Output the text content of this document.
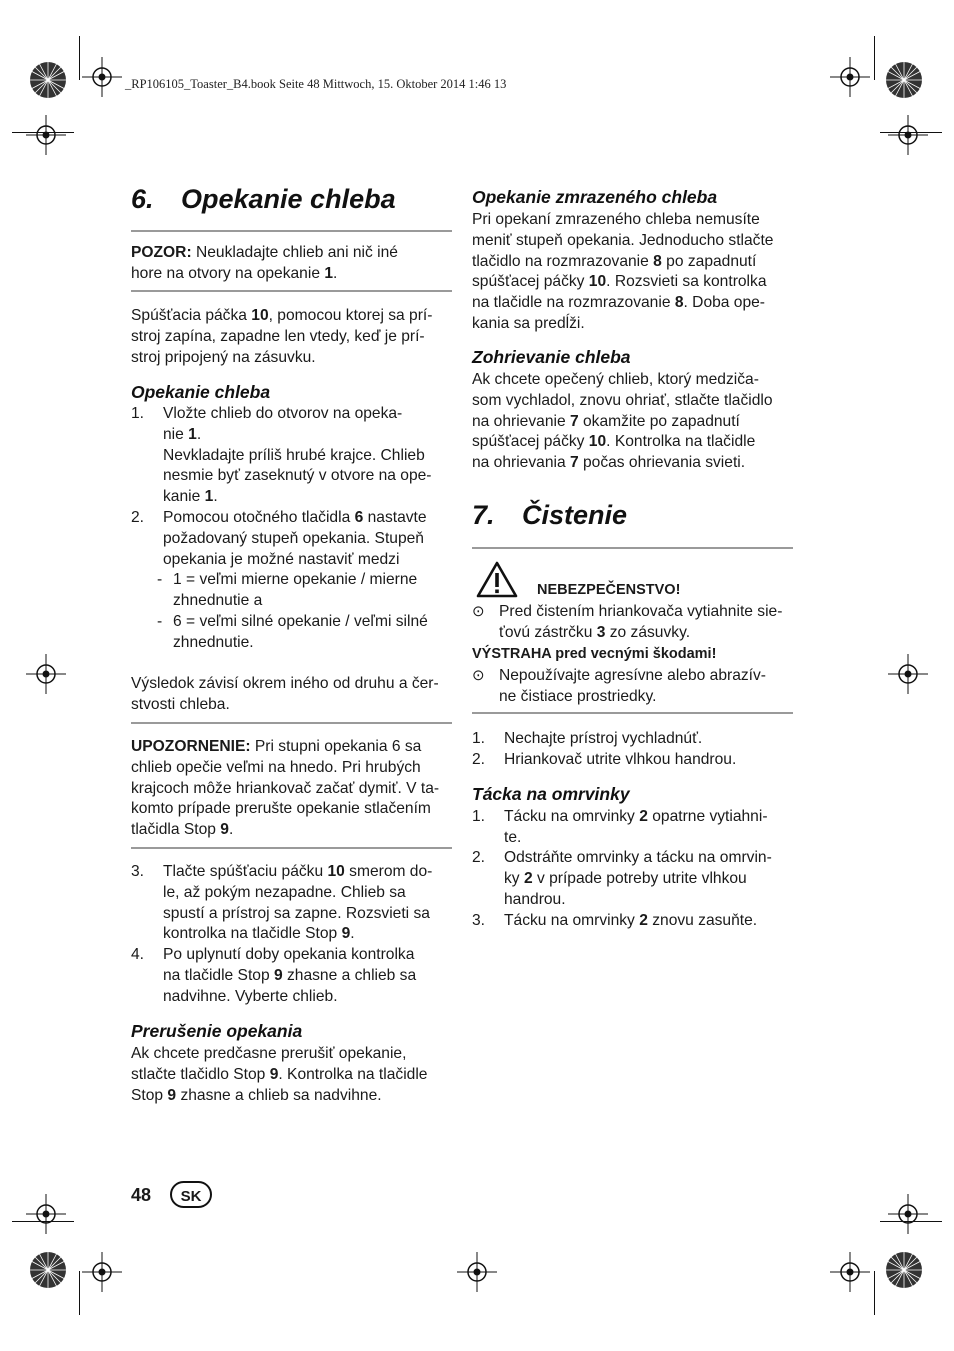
_RP106105_Toaster_B4.book Seite 48 Mittwoch, 15. Oktober 2014 1:46 13
6. Opekanie chleba
POZOR: Neukladajte chlieb ani nič iné
hore na otvory na opekanie 1.
Spúšťacia páčka 10, pomocou ktorej sa prí-
stroj zapína, zapadne len vtedy, keď je prí-
stroj pripojený na zásuvku.
Opekanie chleba
1. Vložte chlieb do otvorov na opeka-
nie 1.
Nevkladajte príliš hrubé krajce. Chlieb
nesmie byť zaseknutý v otvore na ope-
kanie 1.
2. Pomocou otočného tlačidla 6 nastavte
požadovaný stupeň opekania. Stupeň
opekania je možné nastaviť medzi
- 1 = veľmi mierne opekanie / mierne
zhnednutie a
- 6 = veľmi silné opekanie / veľmi silné
zhnednutie.
Výsledok závisí okrem iného od druhu a čer-
stvosti chleba.
UPOZORNENIE: Pri stupni opekania 6 sa
chlieb opečie veľmi na hnedo. Pri hrubých
krajcoch môže hriankovač začať dymiť. V ta-
komto prípade prerušte opekanie stlačením
tlačidla Stop 9.
3. Tlačte spúšťaciu páčku 10 smerom do-
le, až pokým nezapadne. Chlieb sa
spustí a prístroj sa zapne. Rozsvieti sa
kontrolka na tlačidle Stop 9.
4. Po uplynutí doby opekania kontrolka
na tlačidle Stop 9 zhasne a chlieb sa
nadvihne. Vyberte chlieb.
Prerušenie opekania
Ak chcete predčasne prerušiť opekanie,
stlačte tlačidlo Stop 9. Kontrolka na tlačidle
Stop 9 zhasne a chlieb sa nadvihne.
Opekanie zmrazeného chleba
Pri opekaní zmrazeného chleba nemusíte
meniť stupeň opekania. Jednoducho stlačte
tlačidlo na rozmrazovanie 8 po zapadnutí
spúšťacej páčky 10. Rozsvieti sa kontrolka
na tlačidle na rozmrazovanie 8. Doba ope-
kania sa predĺži.
Zohrievanie chleba
Ak chcete opečený chlieb, ktorý medziča-
som vychladol, znovu ohriať, stlačte tlačidlo
na ohrievanie 7 okamžite po zapadnutí
spúšťacej páčky 10. Kontrolka na tlačidle
na ohrievania 7 počas ohrievania svieti.
7. Čistenie
NEBEZPEČENSTVO!
⊙ Pred čistením hriankovača vytiahnite sie-
ťovú zástrčku 3 zo zásuvky.
VÝSTRAHA pred vecnými škodami!
⊙ Nepoužívajte agresívne alebo abrazív-
ne čistiace prostriedky.
1. Nechajte prístroj vychladnúť.
2. Hriankovač utrite vlhkou handrou.
Tácka na omrvinky
1. Tácku na omrvinky 2 opatrne vytiahni-
te.
2. Odstráňte omrvinky a tácku na omrvin-
ky 2 v prípade potreby utrite vlhkou
handrou.
3. Tácku na omrvinky 2 znovu zasuňte.
48	SK
